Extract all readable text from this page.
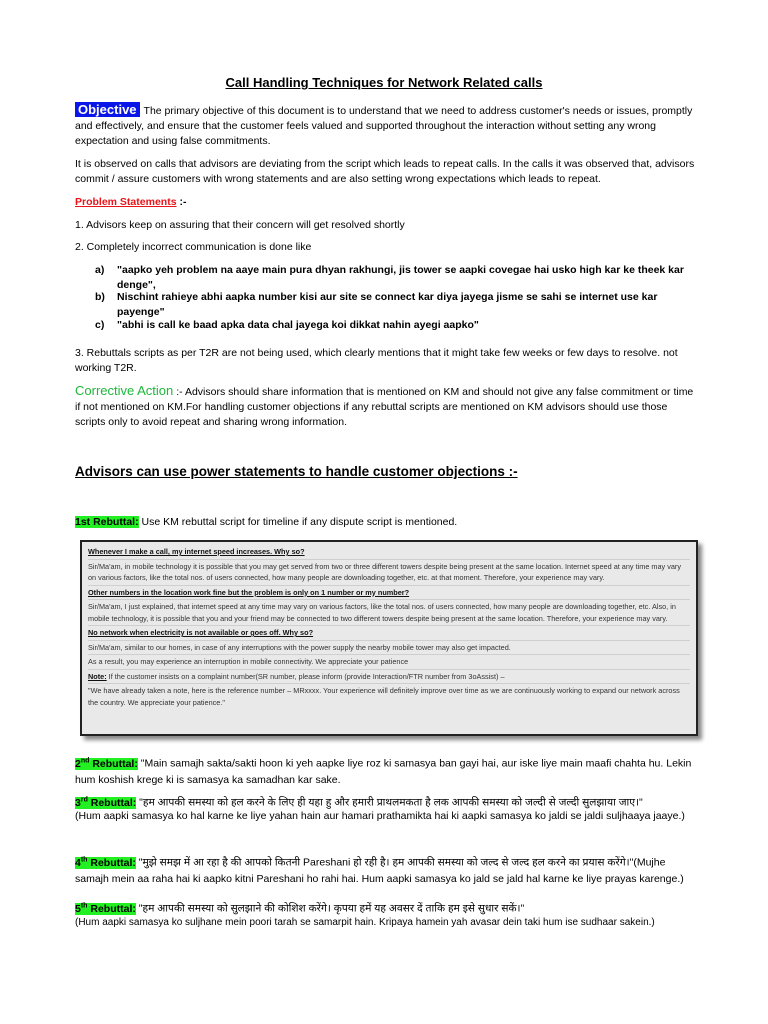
Call Handling Techniques for Network Related calls
Objective The primary objective of this document is to understand that we need to address customer's needs or issues, promptly and effectively, and ensure that the customer feels valued and supported throughout the interaction without setting any wrong expectation and using false commitments.
It is observed on calls that advisors are deviating from the script which leads to repeat calls. In the calls it was observed that, advisors commit / assure customers with wrong statements and are also setting wrong expectations which leads to repeat.
Problem Statements :-
1. Advisors keep on assuring that their concern will get resolved shortly
2. Completely incorrect communication is done like
a) "aapko yeh problem na aaye main pura dhyan rakhungi, jis tower se aapki covegae hai usko high kar ke theek kar denge",
b) Nischint rahieye abhi aapka number kisi aur site se connect kar diya jayega jisme se sahi se internet use kar payenge"
c) "abhi is call ke baad apka data chal jayega koi dikkat nahin ayegi aapko"
3. Rebuttals scripts as per T2R are not being used, which clearly mentions that it might take few weeks or few days to resolve. not working T2R.
Corrective Action :- Advisors should share information that is mentioned on KM and should not give any false commitment or time if not mentioned on KM.For handling customer objections if any rebuttal scripts are mentioned on KM advisors should use those scripts only to avoid repeat and sharing wrong information.
Advisors can use power statements to handle customer objections :-
1st Rebuttal: Use KM rebuttal script for timeline if any dispute script is mentioned.

Whenever I make a call, my internet speed increases. Why so?

Sir/Ma'am, in mobile technology it is possible that you may get served from two or three different towers despite being present at the same location. Internet speed at any time may vary on various factors, like the total nos. of users connected, how many people are downloading together, etc. at that moment. Therefore, your experience may vary.

Other numbers in the location work fine but the problem is only on 1 number or my number?

Sir/Ma'am, I just explained, that internet speed at any time may vary on various factors, like the total nos. of users connected, how many people are downloading together, etc. Also, in mobile technology, it is possible that you and your friend may be connected to two different towers despite being present at the same location. Therefore, your experience may vary.

No network when electricity is not available or goes off. Why so?

Sir/Ma'am, similar to our homes, in case of any interruptions with the power supply the nearby mobile tower may also get impacted.

As a result, you may experience an interruption in mobile connectivity. We appreciate your patience

Note: If the customer insists on a complaint number(SR number, please inform (provide Interaction/FTR number from 3oAssist) –

"We have already taken a note, here is the reference number – MRxxxx. Your experience will definitely improve over time as we are continuously working to expand our network across the country. We appreciate your patience."

2nd Rebuttal: "Main samajh sakta/sakti hoon ki yeh aapke liye roz ki samasya ban gayi hai, aur iske liye main maafi chahta hu. Lekin hum koshish krege ki is samasya ka samadhan kar sake.
3rd Rebuttal: "हम आपकी समस्या को हल करने के लिए ही यहा हु और हमारी प्राथलमकता है लक आपकी समस्या को जल्दी से जल्दी सुलझाया जाए।"
(Hum aapki samasya ko hal karne ke liye yahan hain aur hamari prathamikta hai ki aapki samasya ko jaldi se jaldi suljhaaya jaaye.)
4th Rebuttal: "मुझे समझ में आ रहा है की आपको कितनी Pareshani हो रही है। हम आपकी समस्या को जल्द से जल्द हल करने का प्रयास करेंगे।"(Mujhe samajh mein aa raha hai ki aapko kitni Pareshani ho rahi hai. Hum aapki samasya ko jald se jald hal karne ke liye prayas karenge.)
5th Rebuttal: "हम आपकी समस्या को सुलझाने की कोशिश करेंगे। कृपया हमें यह अवसर दें ताकि हम इसे सुधार सकें।"
(Hum aapki samasya ko suljhane mein poori tarah se samarpit hain. Kripaya hamein yah avasar dein taki hum ise sudhaar sakein.)
